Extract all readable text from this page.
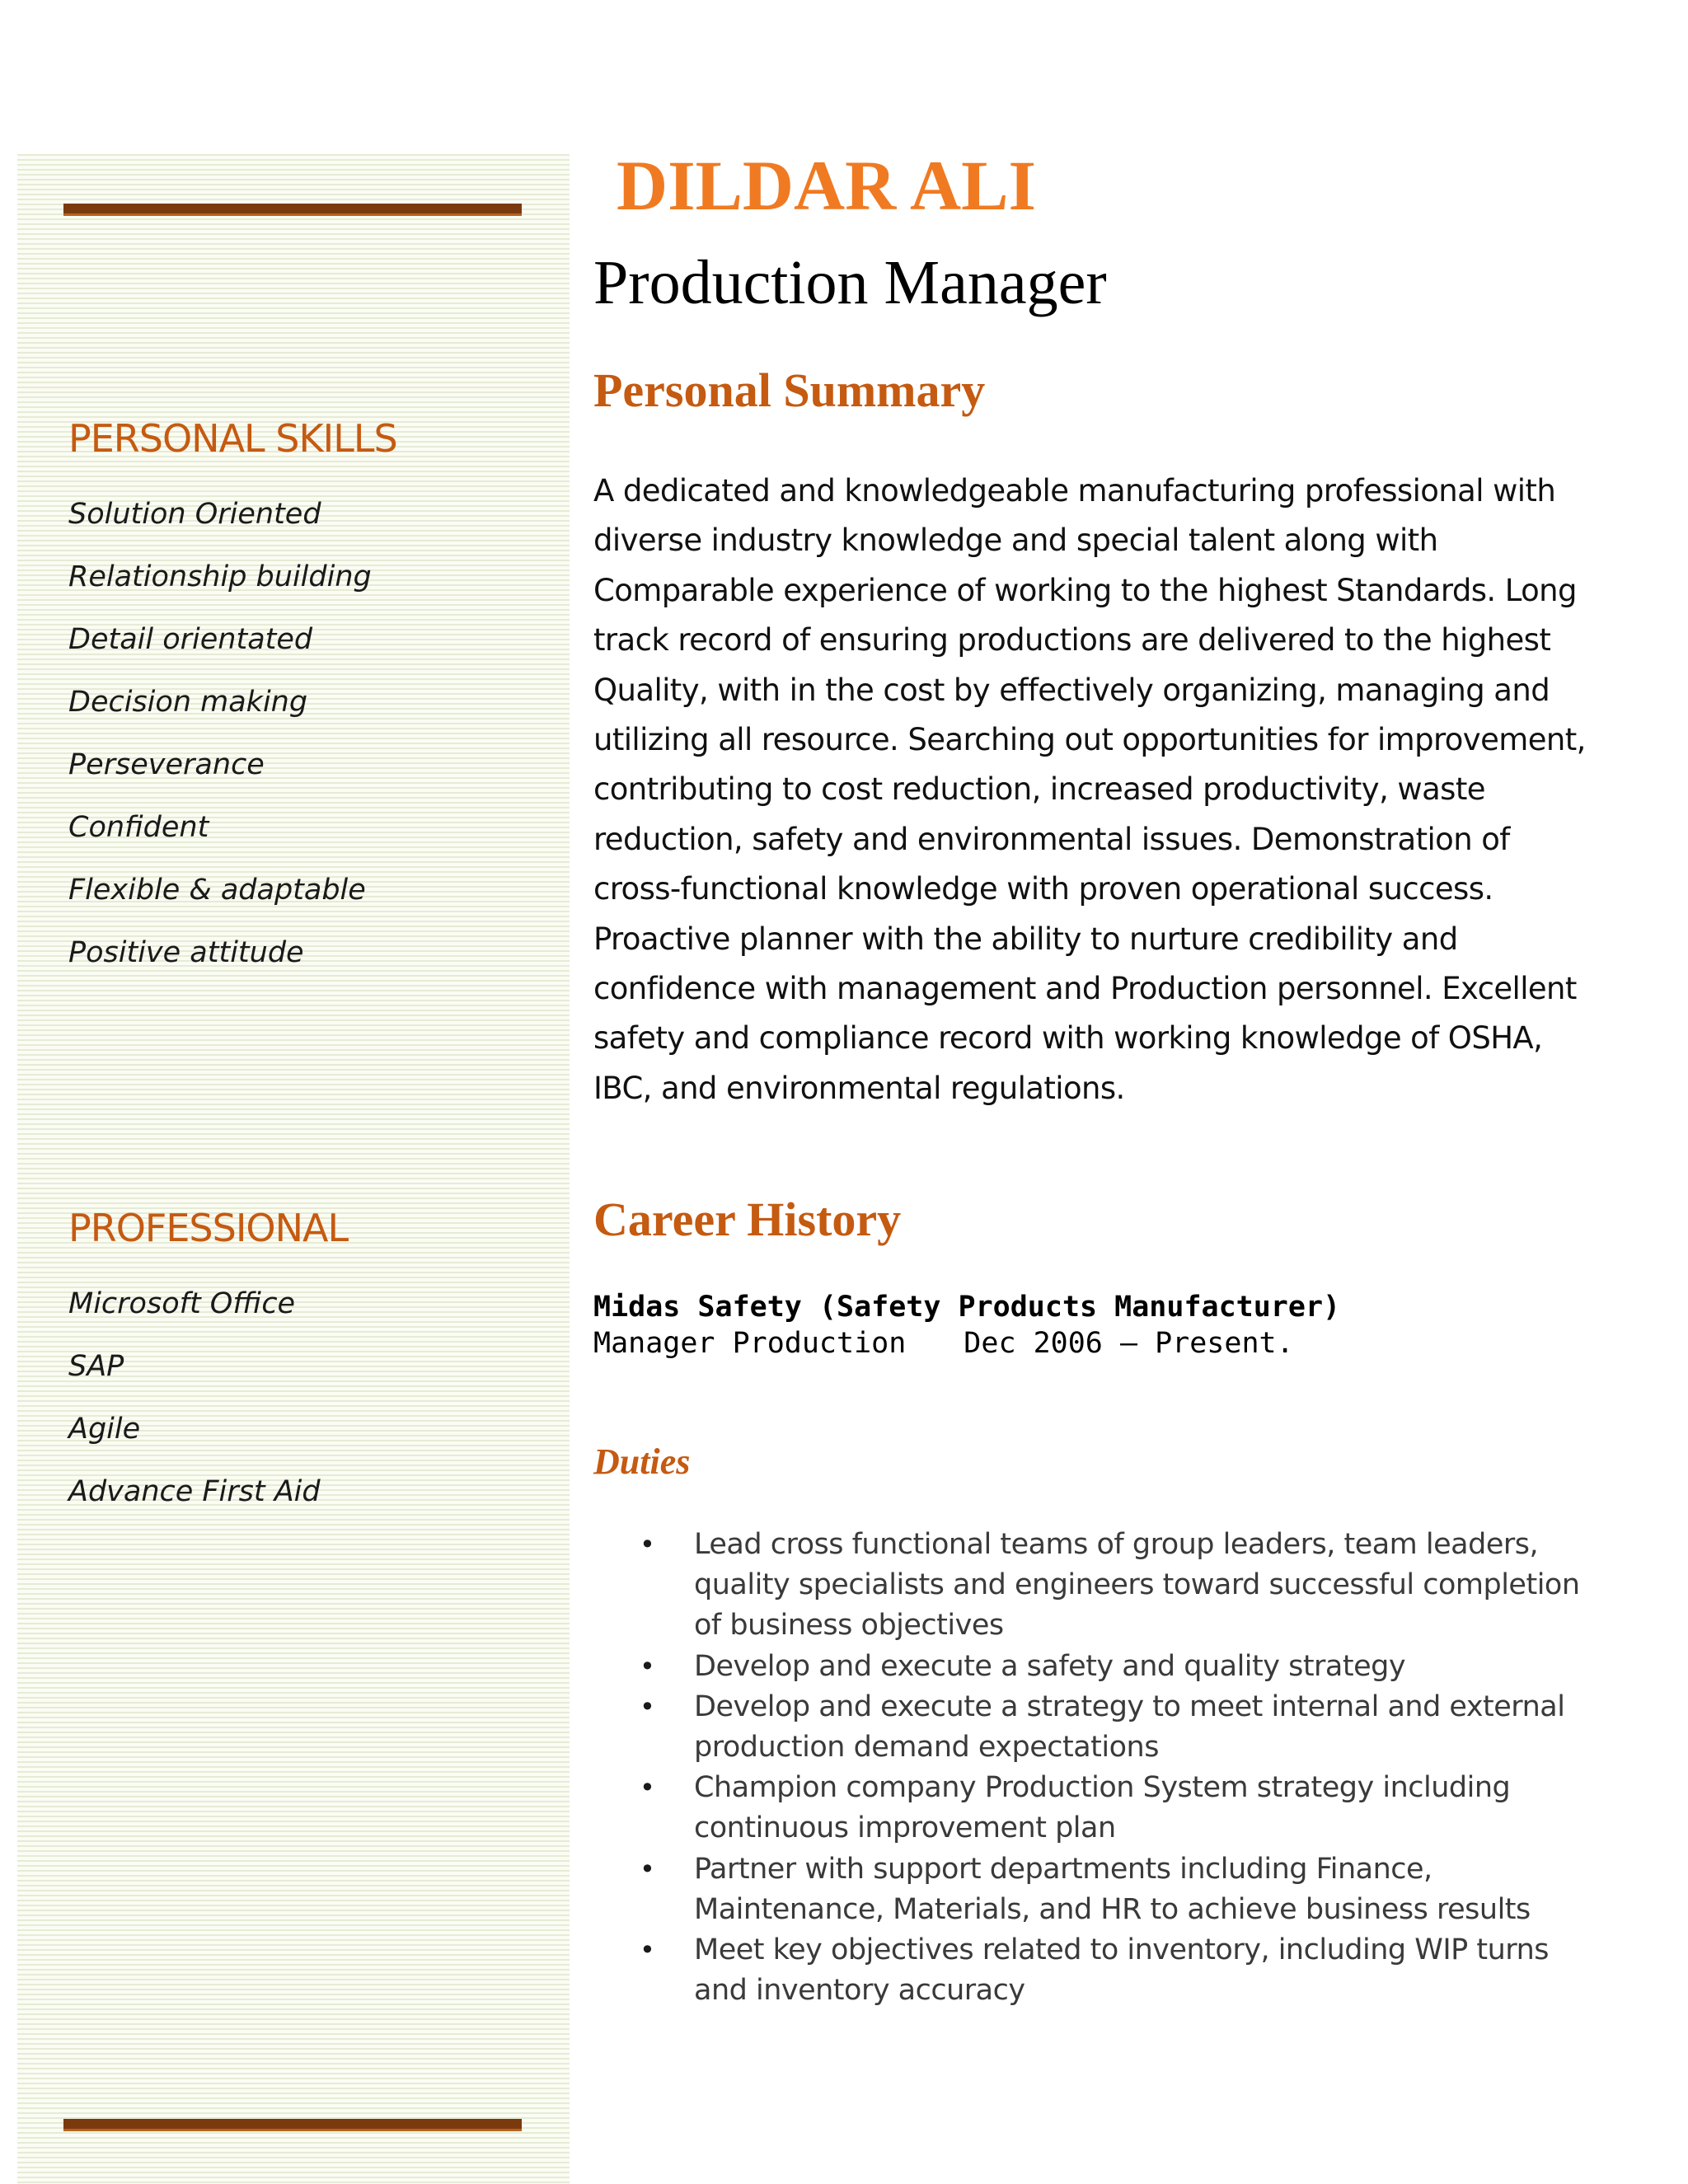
PERSONAL SKILLS
Solution Oriented
Relationship building
Detail orientated
Decision making
Perseverance
Confident
Flexible & adaptable
Positive attitude
PROFESSIONAL
Microsoft Office
SAP
Agile
Advance First Aid
DILDAR ALI
Production Manager
Personal Summary

A dedicated and knowledgeable manufacturing professional with diverse industry knowledge and special talent along with Comparable experience of working to the highest Standards. Long track record of ensuring productions are delivered to the highest Quality, with in the cost by effectively organizing, managing and utilizing all resource. Searching out opportunities for improvement, contributing to cost reduction, increased productivity, waste reduction, safety and environmental issues. Demonstration of cross-functional knowledge with proven operational success. Proactive planner with the ability to nurture credibility and confidence with management and Production personnel. Excellent safety and compliance record with working knowledge of OSHA, IBC, and environmental regulations.

Career History
Midas Safety (Safety Products Manufacturer)
Manager Production Dec 2006 – Present.
Duties
• Lead cross functional teams of group leaders, team leaders, quality specialists and engineers toward successful completion of business objectives
• Develop and execute a safety and quality strategy
• Develop and execute a strategy to meet internal and external production demand expectations
• Champion company Production System strategy including continuous improvement plan
• Partner with support departments including Finance, Maintenance, Materials, and HR to achieve business results
• Meet key objectives related to inventory, including WIP turns and inventory accuracy
